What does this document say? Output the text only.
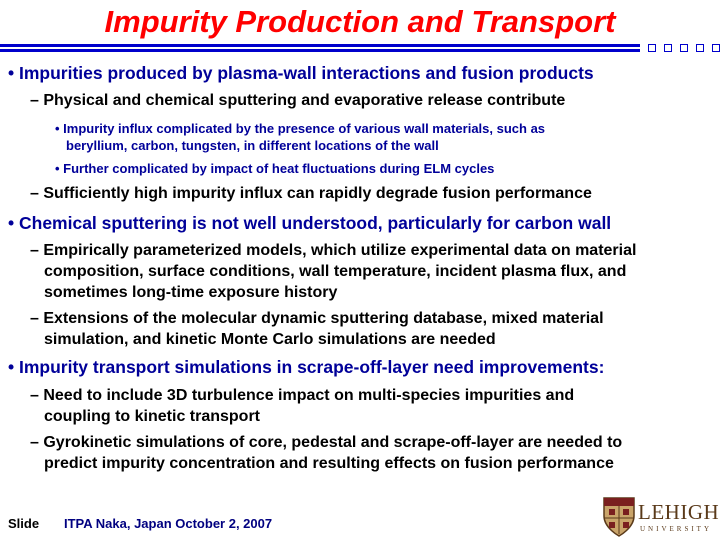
Impurity Production and Transport

• Impurities produced by plasma-wall interactions and fusion products

– Physical and chemical sputtering and evaporative release contribute

• Impurity influx complicated by the presence of various wall materials, such as

beryllium, carbon, tungsten, in different locations of the wall

• Further complicated by impact of heat fluctuations during ELM cycles

– Sufficiently high impurity influx can rapidly degrade fusion performance

• Chemical sputtering is not well understood, particularly for carbon wall

– Empirically parameterized models, which utilize experimental data on material

composition, surface conditions, wall temperature, incident plasma flux, and

sometimes long-time exposure history

– Extensions of the molecular dynamic sputtering database, mixed material

simulation, and kinetic Monte Carlo simulations are needed

• Impurity transport simulations in scrape-off-layer need improvements:

– Need to include 3D turbulence impact on multi-species impurities and

coupling to kinetic transport

– Gyrokinetic simulations of core, pedestal and scrape-off-layer are needed to

predict impurity concentration and resulting effects on fusion performance

Slide ITPA Naka, Japan October 2, 2007	LEHIGH
UNIVERSITY
